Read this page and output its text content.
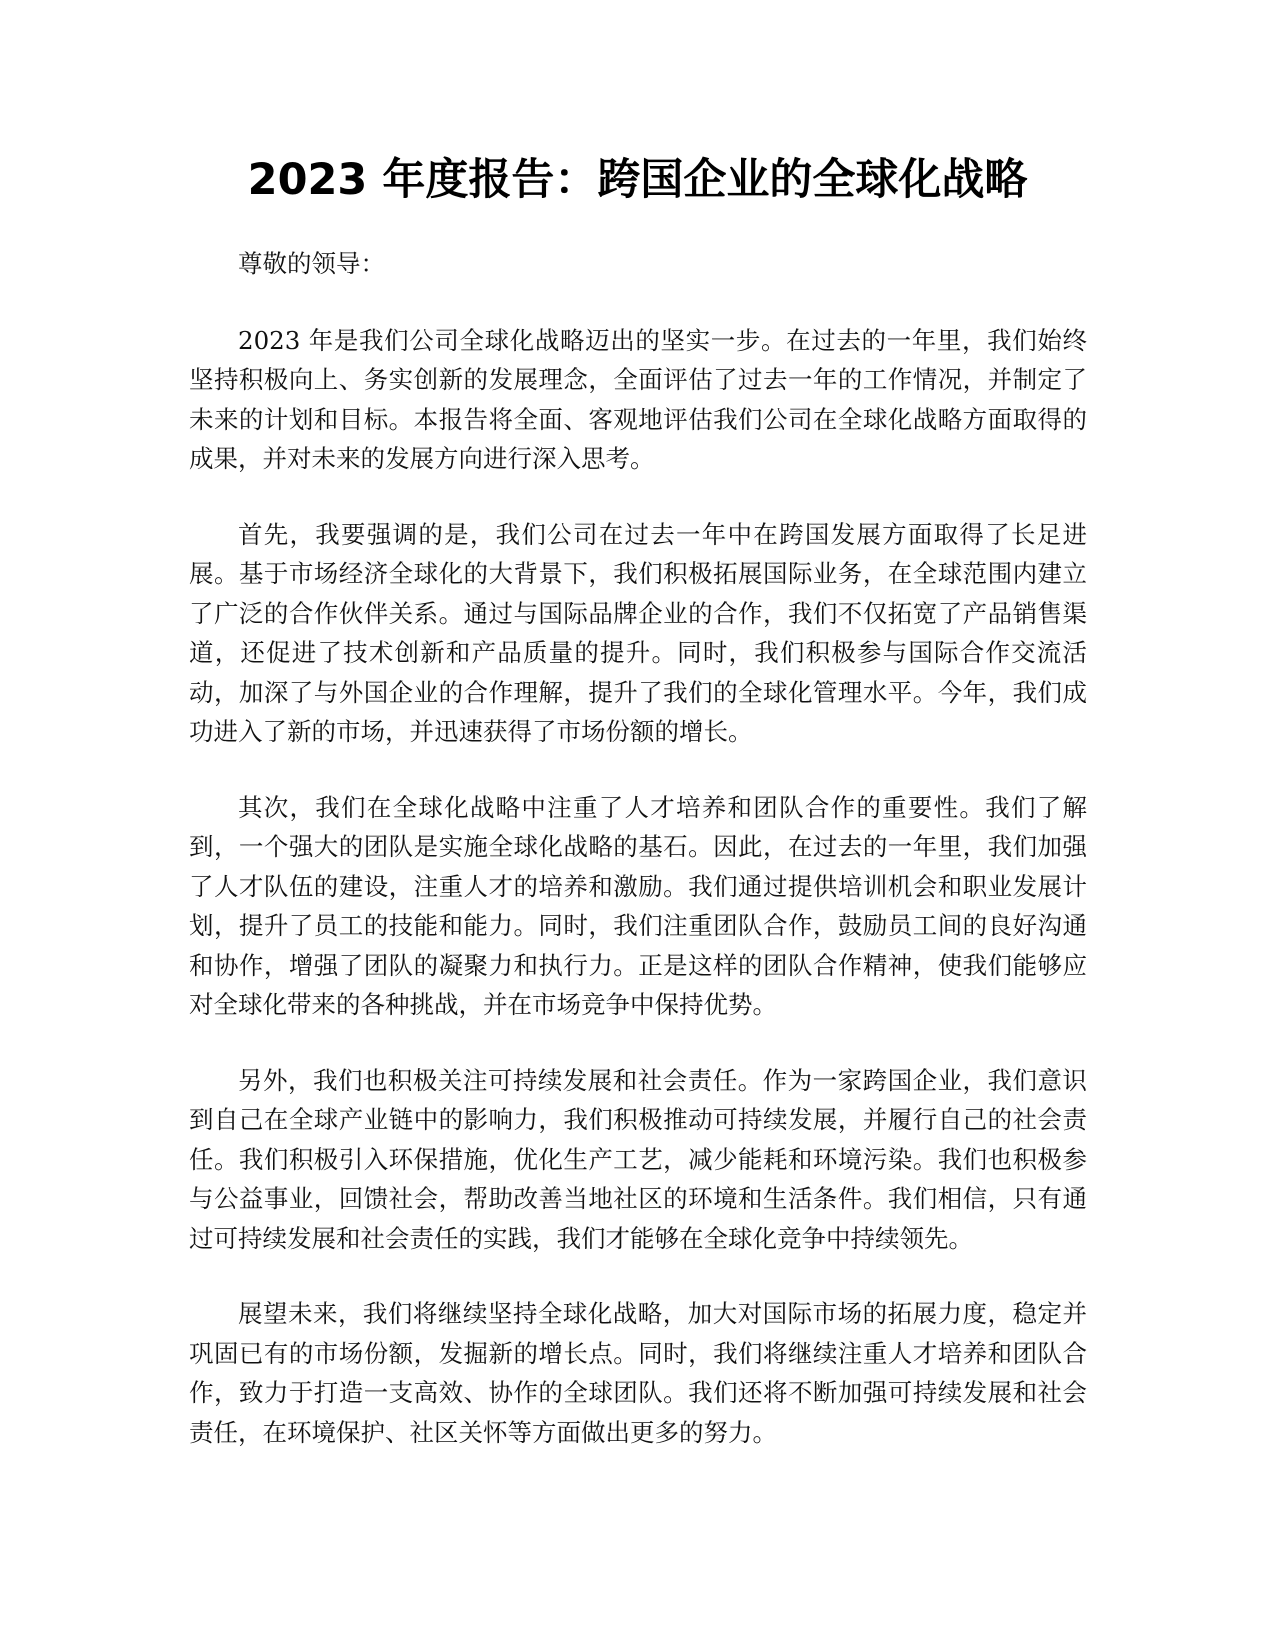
2023 年度报告：跨国企业的全球化战略

尊敬的领导：

2023 年是我们公司全球化战略迈出的坚实一步。在过去的一年里，我们始终坚持积极向上、务实创新的发展理念，全面评估了过去一年的工作情况，并制定了未来的计划和目标。本报告将全面、客观地评估我们公司在全球化战略方面取得的成果，并对未来的发展方向进行深入思考。

首先，我要强调的是，我们公司在过去一年中在跨国发展方面取得了长足进展。基于市场经济全球化的大背景下，我们积极拓展国际业务，在全球范围内建立了广泛的合作伙伴关系。通过与国际品牌企业的合作，我们不仅拓宽了产品销售渠道，还促进了技术创新和产品质量的提升。同时，我们积极参与国际合作交流活动，加深了与外国企业的合作理解，提升了我们的全球化管理水平。今年，我们成功进入了新的市场，并迅速获得了市场份额的增长。

其次，我们在全球化战略中注重了人才培养和团队合作的重要性。我们了解到，一个强大的团队是实施全球化战略的基石。因此，在过去的一年里，我们加强了人才队伍的建设，注重人才的培养和激励。我们通过提供培训机会和职业发展计划，提升了员工的技能和能力。同时，我们注重团队合作，鼓励员工间的良好沟通和协作，增强了团队的凝聚力和执行力。正是这样的团队合作精神，使我们能够应对全球化带来的各种挑战，并在市场竞争中保持优势。

另外，我们也积极关注可持续发展和社会责任。作为一家跨国企业，我们意识到自己在全球产业链中的影响力，我们积极推动可持续发展，并履行自己的社会责任。我们积极引入环保措施，优化生产工艺，减少能耗和环境污染。我们也积极参与公益事业，回馈社会，帮助改善当地社区的环境和生活条件。我们相信，只有通过可持续发展和社会责任的实践，我们才能够在全球化竞争中持续领先。

展望未来，我们将继续坚持全球化战略，加大对国际市场的拓展力度，稳定并巩固已有的市场份额，发掘新的增长点。同时，我们将继续注重人才培养和团队合作，致力于打造一支高效、协作的全球团队。我们还将不断加强可持续发展和社会责任，在环境保护、社区关怀等方面做出更多的努力。
